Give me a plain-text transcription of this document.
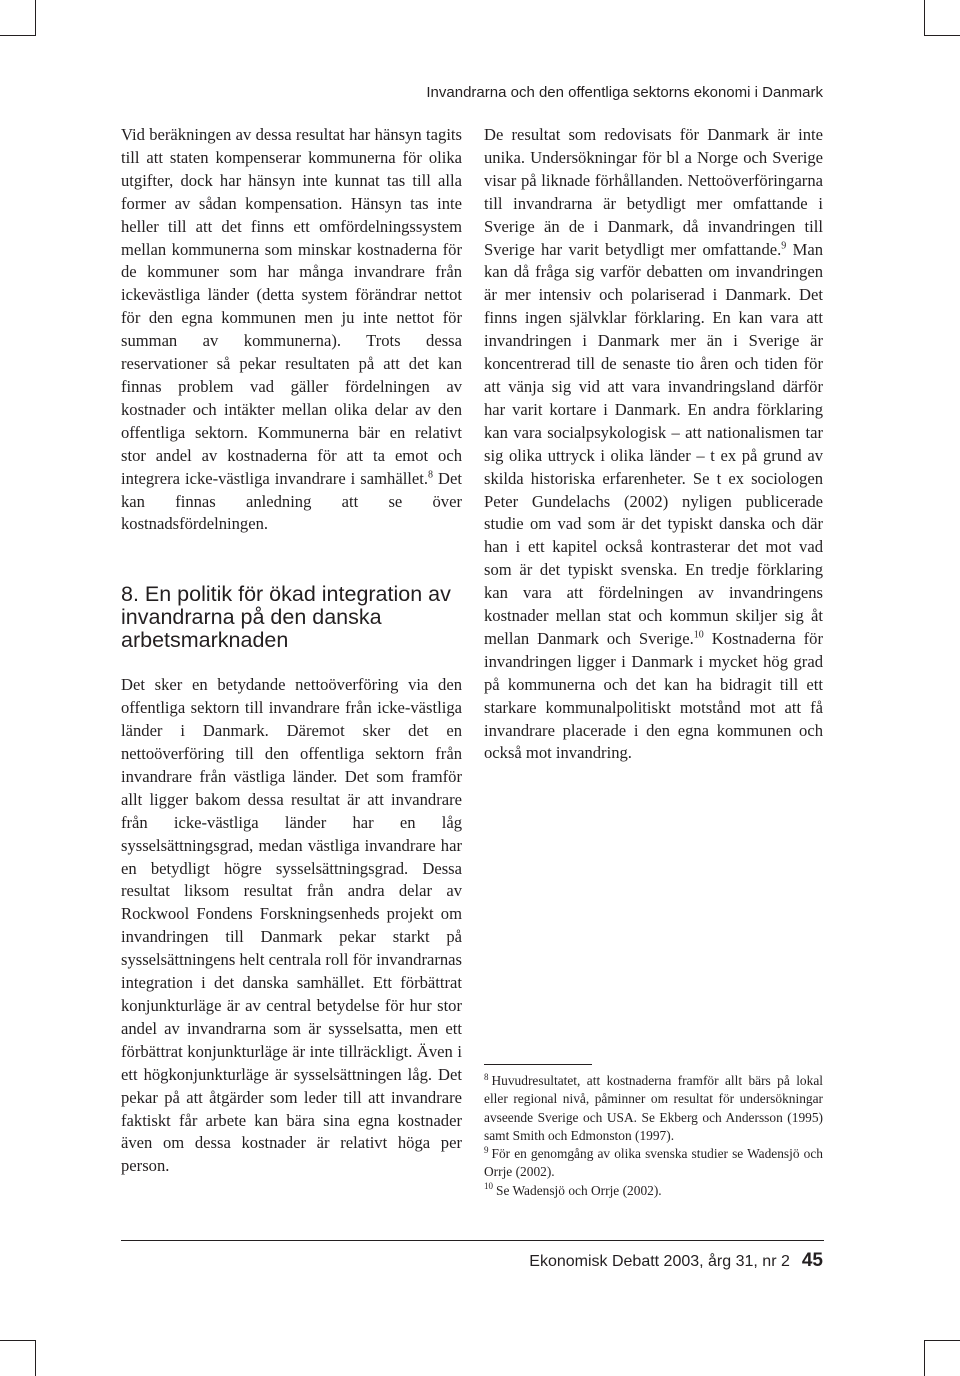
Invandrarna och den offentliga sektorns ekonomi i Danmark

Vid beräkningen av dessa resultat har hänsyn tagits till att staten kompenserar kommunerna för olika utgifter, dock har hänsyn inte kunnat tas till alla former av sådan kompensation. Hänsyn tas inte heller till att det finns ett omfördelningssystem mellan kommunerna som minskar kostnaderna för de kommuner som har många invandrare från ickevästliga länder (detta system förändrar nettot för den egna kommunen men ju inte nettot för summan av kommunerna). Trots dessa reservationer så pekar resultaten på att det kan finnas problem vad gäller fördelningen av kostnader och intäkter mellan olika delar av den offentliga sektorn. Kommunerna bär en relativt stor andel av kostnaderna för att ta emot och integrera icke-västliga invandrare i samhället.$^8$ Det kan finnas anledning att se över kostnadsfördelningen.

8. En politik för ökad integration av invandrarna på den danska arbetsmarknaden

Det sker en betydande nettoöverföring via den offentliga sektorn till invandrare från icke-västliga länder i Danmark. Däremot sker det en nettoöverföring till den offentliga sektorn från invandrare från västliga länder. Det som framför allt ligger bakom dessa resultat är att invandrare från icke-västliga länder har en låg sysselsättningsgrad, medan västliga invandrare har en betydligt högre sysselsättningsgrad. Dessa resultat liksom resultat från andra delar av Rockwool Fondens Forskningsenheds projekt om invandringen till Danmark pekar starkt på sysselsättningens helt centrala roll för invandrarnas integration i det danska samhället. Ett förbättrat konjunkturläge är av central betydelse för hur stor andel av invandrarna som är sysselsatta, men ett förbättrat konjunkturläge är inte tillräckligt. Även i ett högkonjunkturläge är sysselsättningen låg. Det pekar på att åtgärder som leder till att invandrare faktiskt får arbete kan bära sina egna kostnader även om dessa kostnader är relativt höga per person.

De resultat som redovisats för Danmark är inte unika. Undersökningar för bl a Norge och Sverige visar på liknade förhållanden. Nettoöverföringarna till invandrarna är betydligt mer omfattande i Sverige än de i Danmark, då invandringen till Sverige har varit betydligt mer omfattande.$^9$ Man kan då fråga sig varför debatten om invandringen är mer intensiv och polariserad i Danmark. Det finns ingen självklar förklaring. En kan vara att invandringen i Danmark mer än i Sverige är koncentrerad till de senaste tio åren och tiden för att vänja sig vid att vara invandringsland därför har varit kortare i Danmark. En andra förklaring kan vara socialpsykologisk – att nationalismen tar sig olika uttryck i olika länder – t ex på grund av skilda historiska erfarenheter. Se t ex sociologen Peter Gundelachs (2002) nyligen publicerade studie om vad som är det typiskt danska och där han i ett kapitel också kontrasterar det mot vad som är det typiskt svenska. En tredje förklaring kan vara att fördelningen av invandringens kostnader mellan stat och kommun skiljer sig åt mellan Danmark och Sverige.$^{10}$ Kostnaderna för invandringen ligger i Danmark i mycket hög grad på kommunerna och det kan ha bidragit till ett starkare kommunalpolitiskt motstånd mot att få invandrare placerade i den egna kommunen och också mot invandring.

$^8$ Huvudresultatet, att kostnaderna framför allt bärs på lokal eller regional nivå, påminner om resultat för undersökningar avseende Sverige och USA. Se Ekberg och Andersson (1995) samt Smith och Edmonston (1997).

$^9$ För en genomgång av olika svenska studier se Wadensjö och Orrje (2002).

$^{10}$ Se Wadensjö och Orrje (2002).

Ekonomisk Debatt 2003, årg 31, nr 2 45
